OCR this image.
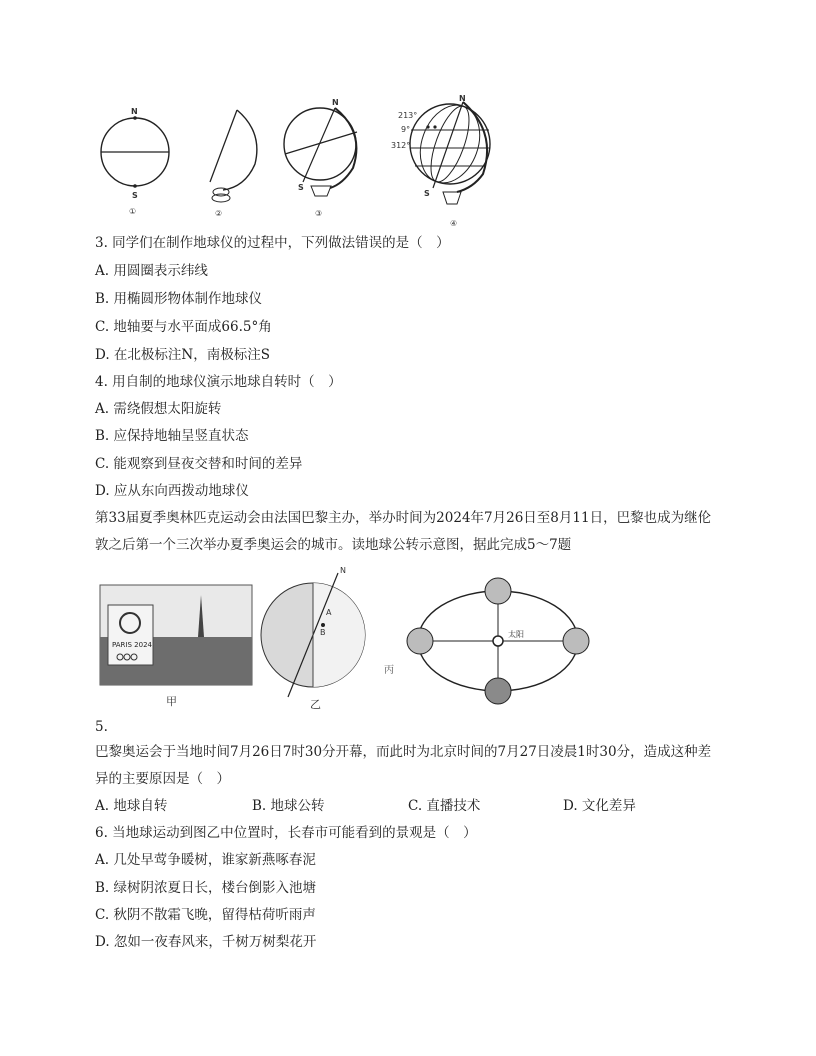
N
S
①	②
N
S
③
N
S
213°
9°
312°
④
3. 同学们在制作地球仪的过程中，下列做法错误的是（　）
A. 用圆圈表示纬线
B. 用椭圆形物体制作地球仪
C. 地轴要与水平面成66.5°角
D. 在北极标注N，南极标注S
4. 用自制的地球仪演示地球自转时（　）
A. 需绕假想太阳旋转
B. 应保持地轴呈竖直状态
C. 能观察到昼夜交替和时间的差异
D. 应从东向西拨动地球仪
第33届夏季奥林匹克运动会由法国巴黎主办，举办时间为2024年7月26日至8月11日，巴黎也成为继伦
敦之后第一个三次举办夏季奥运会的城市。读地球公转示意图，据此完成5～7题
PARIS 2024
甲
N
A
B
乙
太阳
丙
5.
巴黎奥运会于当地时间7月26日7时30分开幕，而此时为北京时间的7月27日凌晨1时30分，造成这种差
异的主要原因是（　）
A. 地球自转	B. 地球公转	C. 直播技术	D. 文化差异
6. 当地球运动到图乙中位置时，长春市可能看到的景观是（　）
A. 几处早莺争暖树，谁家新燕啄春泥
B. 绿树阴浓夏日长，楼台倒影入池塘
C. 秋阴不散霜飞晚，留得枯荷听雨声
D. 忽如一夜春风来，千树万树梨花开
